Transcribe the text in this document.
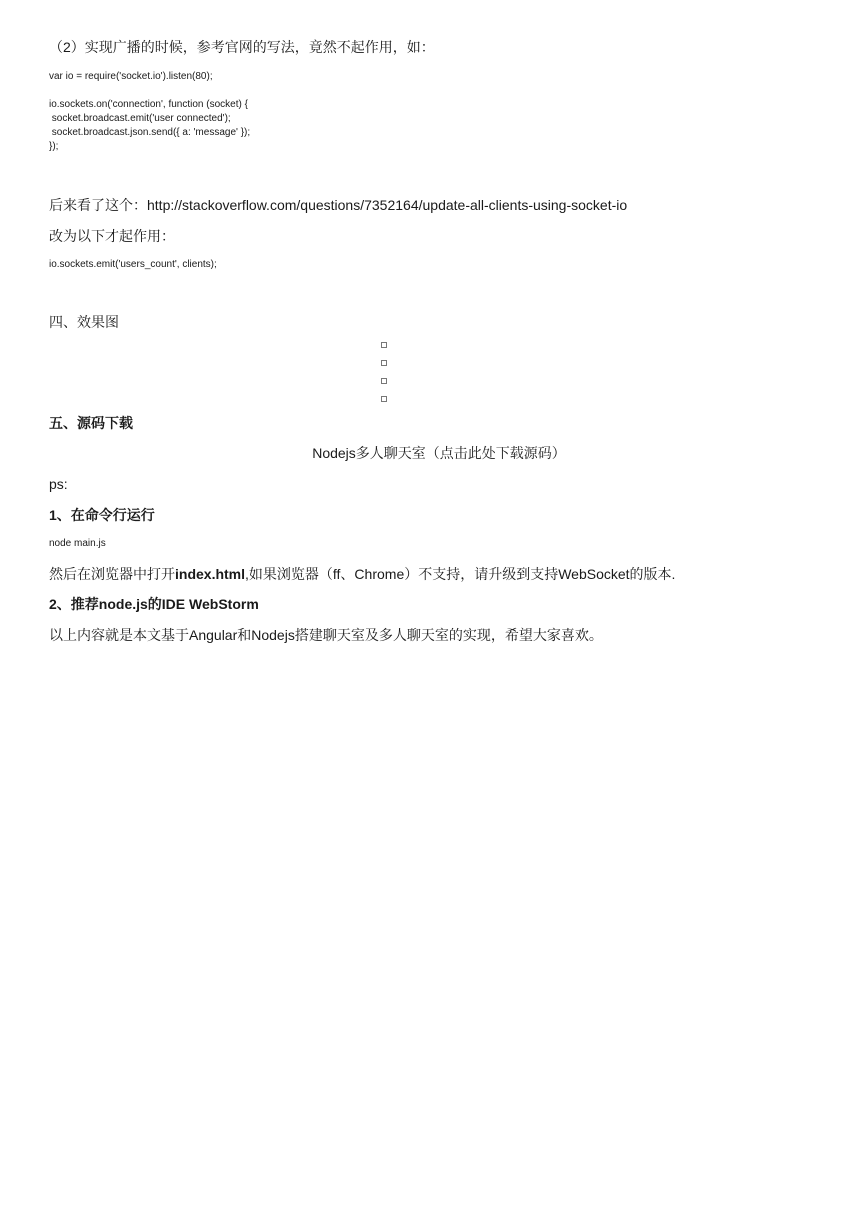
（2）实现广播的时候，参考官网的写法，竟然不起作用，如：
var io = require('socket.io').listen(80);
io.sockets.on('connection', function (socket) {
socket.broadcast.emit('user connected');
socket.broadcast.json.send({ a: 'message' });
});
后来看了这个：http://stackoverflow.com/questions/7352164/update-all-clients-using-socket-io
改为以下才起作用：
io.sockets.emit('users_count', clients);
四、效果图
五、源码下载
Nodejs多人聊天室（点击此处下载源码）
ps:
1、在命令行运行
node main.js
然后在浏览器中打开index.html,如果浏览器（ff、Chrome）不支持，请升级到支持WebSocket的版本.
2、推荐node.js的IDE WebStorm
以上内容就是本文基于Angular和Nodejs搭建聊天室及多人聊天室的实现，希望大家喜欢。
